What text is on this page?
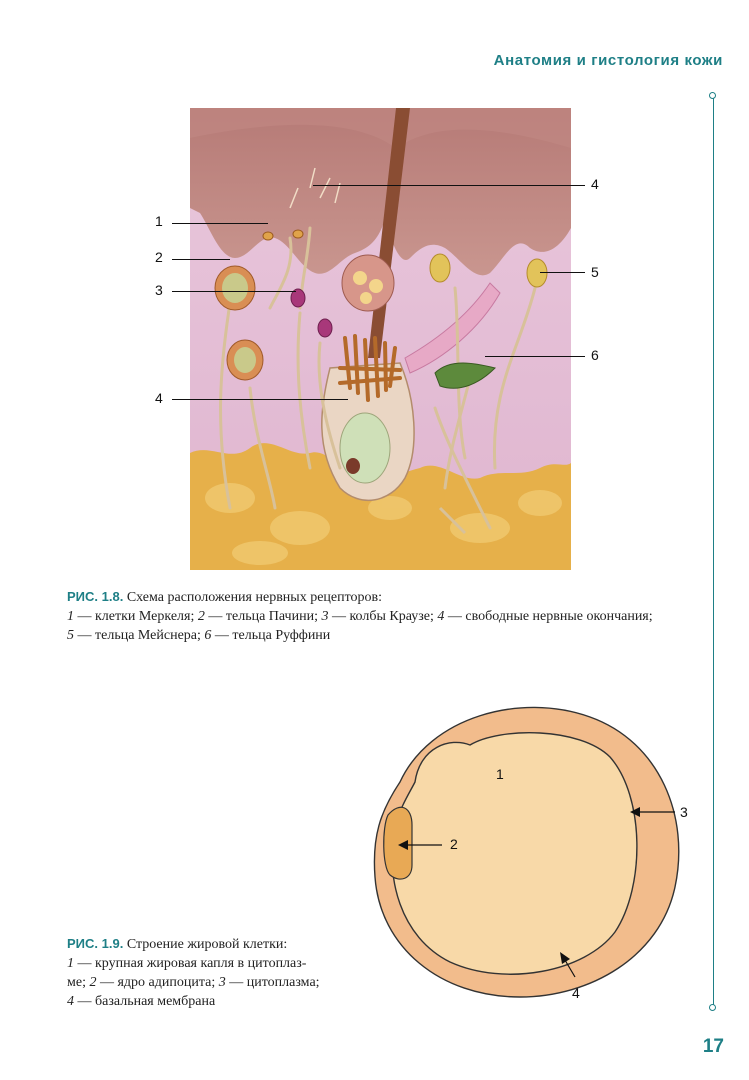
Анатомия и гистология кожи
1
2
3
4
4
5
6
РИС. 1.8. Схема расположения нервных рецепторов:
1 — клетки Меркеля; 2 — тельца Пачини; 3 — колбы Краузе; 4 — свободные нервные окончания;
5 — тельца Мейснера; 6 — тельца Руффини
1
2
3
4
РИС. 1.9. Строение жировой клетки:
1 — крупная жировая капля в цитоплаз-
ме; 2 — ядро адипоцита; 3 — цитоплазма;
4 — базальная мембрана
17
